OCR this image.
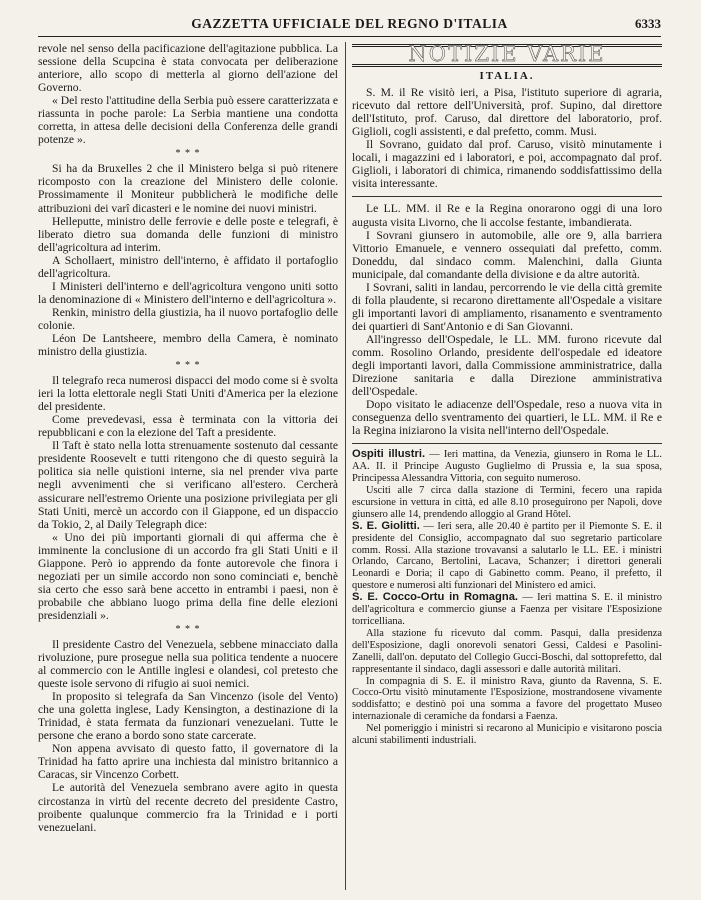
GAZZETTA UFFICIALE DEL REGNO D'ITALIA	6333

revole nel senso della pacificazione dell'agitazione pubblica. La sessione della Scupcina è stata convocata per deliberazione anteriore, allo scopo di metterla al giorno dell'azione del Governo.

« Del resto l'attitudine della Serbia può essere caratterizzata e riassunta in poche parole: La Serbia mantiene una condotta corretta, in attesa delle decisioni della Conferenza delle grandi potenze ».

* * *

Si ha da Bruxelles 2 che il Ministero belga si può ritenere ricomposto con la creazione del Ministero delle colonie. Prossimamente il Moniteur pubblicherà le modifiche delle attribuzioni dei varî dicasteri e le nomine dei nuovi ministri.

Helleputte, ministro delle ferrovie e delle poste e telegrafi, è liberato dietro sua domanda delle funzioni di ministro dell'agricoltura ad interim.

A Schollaert, ministro dell'interno, è affidato il portafoglio dell'agricoltura.

I Ministeri dell'interno e dell'agricoltura vengono uniti sotto la denominazione di « Ministero dell'interno e dell'agricoltura ».

Renkin, ministro della giustizia, ha il nuovo portafoglio delle colonie.

Léon De Lantsheere, membro della Camera, è nominato ministro della giustizia.

* * *

Il telegrafo reca numerosi dispacci del modo come si è svolta ieri la lotta elettorale negli Stati Uniti d'America per la elezione del presidente.

Come prevedevasi, essa è terminata con la vittoria dei repubblicani e con la elezione del Taft a presidente.

Il Taft è stato nella lotta strenuamente sostenuto dal cessante presidente Roosevelt e tutti ritengono che di questo seguirà la politica sia nelle quistioni interne, sia nel prender viva parte negli avvenimenti che si verificano all'estero. Cercherà assicurare nell'estremo Oriente una posizione privilegiata per gli Stati Uniti, mercè un accordo con il Giappone, ed un dispaccio da Tokio, 2, al Daily Telegraph dice:

« Uno dei più importanti giornali di qui afferma che è imminente la conclusione di un accordo fra gli Stati Uniti e il Giappone. Però io apprendo da fonte autorevole che finora i negoziati per un simile accordo non sono cominciati e, benchè sia certo che esso sarà bene accetto in entrambi i paesi, non è probabile che abbiano luogo prima della fine delle elezioni presidenziali ».

* * *

Il presidente Castro del Venezuela, sebbene minacciato dalla rivoluzione, pure prosegue nella sua politica tendente a nuocere al commercio con le Antille inglesi e olandesi, col pretesto che queste isole servono di rifugio ai suoi nemici.

In proposito si telegrafa da San Vincenzo (isole del Vento) che una goletta inglese, Lady Kensington, a destinazione di la Trinidad, è stata fermata da funzionari venezuelani. Tutte le persone che erano a bordo sono state carcerate.

Non appena avvisato di questo fatto, il governatore di la Trinidad ha fatto aprire una inchiesta dal ministro britannico a Caracas, sir Vincenzo Corbett.

Le autorità del Venezuela sembrano avere agito in questa circostanza in virtù del recente decreto del presidente Castro, proibente qualunque commercio fra la Trinidad e i porti venezuelani.

NOTIZIE VARIE
ITALIA.

S. M. il Re visitò ieri, a Pisa, l'istituto superiore di agraria, ricevuto dal rettore dell'Università, prof. Supino, dal direttore dell'Istituto, prof. Caruso, dal direttore del laboratorio, prof. Giglioli, cogli assistenti, e dal prefetto, comm. Musi.

Il Sovrano, guidato dal prof. Caruso, visitò minutamente i locali, i magazzini ed i laboratori, e poi, accompagnato dal prof. Giglioli, i laboratori di chimica, rimanendo soddisfattissimo della visita interessante.

Le LL. MM. il Re e la Regina onorarono oggi di una loro augusta visita Livorno, che li accolse festante, imbandierata.

I Sovrani giunsero in automobile, alle ore 9, alla barriera Vittorio Emanuele, e vennero ossequiati dal prefetto, comm. Doneddu, dal sindaco comm. Malenchini, dalla Giunta municipale, dal comandante della divisione e da altre autorità.

I Sovrani, saliti in landau, percorrendo le vie della città gremite di folla plaudente, si recarono direttamente all'Ospedale a visitare gli importanti lavori di ampliamento, risanamento e sventramento dei quartieri di Sant'Antonio e di San Giovanni.

All'ingresso dell'Ospedale, le LL. MM. furono ricevute dal comm. Rosolino Orlando, presidente dell'ospedale ed ideatore degli importanti lavori, dalla Commissione amministratrice, dalla Direzione sanitaria e dalla Direzione amministrativa dell'Ospedale.

Dopo visitato le adiacenze dell'Ospedale, reso a nuova vita in conseguenza dello sventramento dei quartieri, le LL. MM. il Re e la Regina iniziarono la visita nell'interno dell'Ospedale.

Ospiti illustri. — Ieri mattina, da Venezia, giunsero in Roma le LL. AA. II. il Principe Augusto Guglielmo di Prussia e, la sua sposa, Principessa Alessandra Vittoria, con seguito numeroso.

Usciti alle 7 circa dalla stazione di Termini, fecero una rapida escursione in vettura in città, ed alle 8.10 proseguirono per Napoli, dove giunsero alle 14, prendendo alloggio al Grand Hôtel.

S. E. Giolitti. — Ieri sera, alle 20.40 è partito per il Piemonte S. E. il presidente del Consiglio, accompagnato dal suo segretario particolare comm. Rossi. Alla stazione trovavansi a salutarlo le LL. EE. i ministri Orlando, Carcano, Bertolini, Lacava, Schanzer; i direttori generali Leonardi e Doria; il capo di Gabinetto comm. Peano, il prefetto, il questore e numerosi alti funzionari del Ministero ed amici.

S. E. Cocco-Ortu in Romagna. — Ieri mattina S. E. il ministro dell'agricoltura e commercio giunse a Faenza per visitare l'Esposizione torricelliana.

Alla stazione fu ricevuto dal comm. Pasqui, dalla presidenza dell'Esposizione, dagli onorevoli senatori Gessi, Caldesi e Pasolini-Zanelli, dall'on. deputato del Collegio Gucci-Boschi, dal sottoprefetto, dal rappresentante il sindaco, dagli assessori e dalle autorità militari.

In compagnia di S. E. il ministro Rava, giunto da Ravenna, S. E. Cocco-Ortu visitò minutamente l'Esposizione, mostrandosene vivamente soddisfatto; e destinò poi una somma a favore del progettato Museo internazionale di ceramiche da fondarsi a Faenza.

Nel pomeriggio i ministri si recarono al Municipio e visitarono poscia alcuni stabilimenti industriali.
